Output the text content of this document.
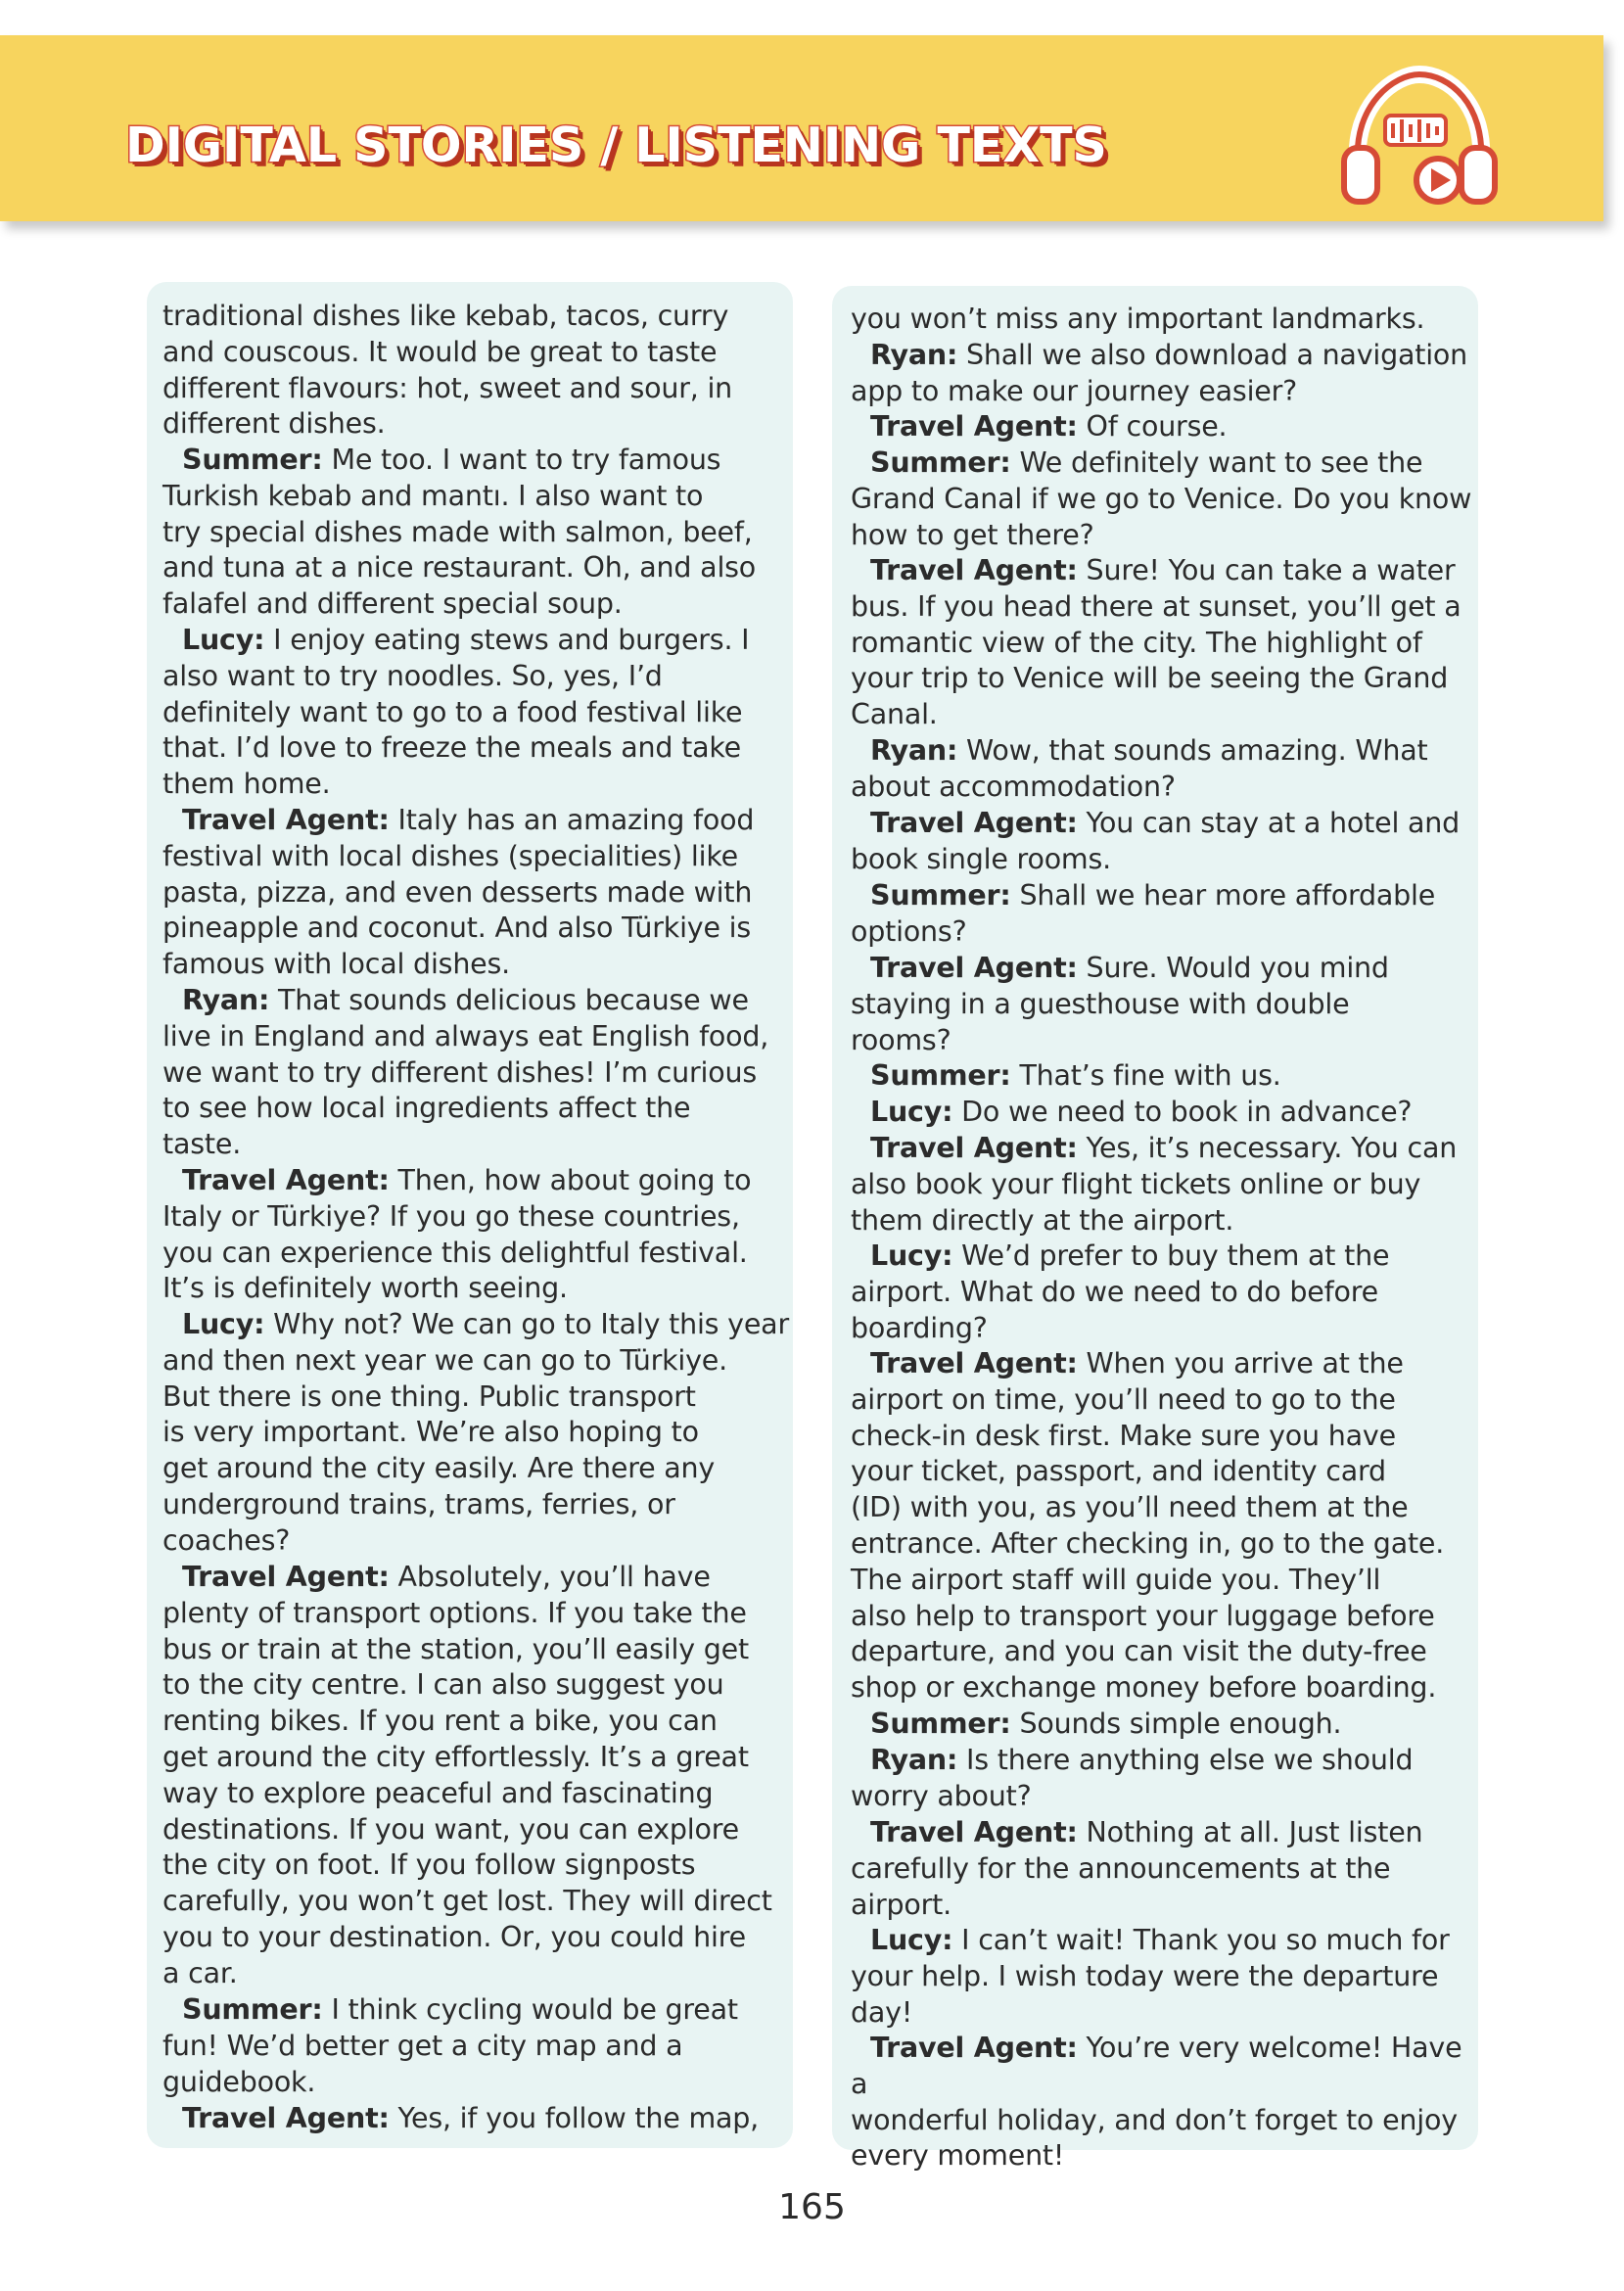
DIGITAL STORIES / LISTENING TEXTS

traditional dishes like kebab, tacos, curry
and couscous. It would be great to taste
different flavours: hot, sweet and sour, in
different dishes.

Summer: Me too. I want to try famous
Turkish kebab and mantı. I also want to
try special dishes made with salmon, beef,
and tuna at a nice restaurant. Oh, and also
falafel and different special soup.

Lucy: I enjoy eating stews and burgers. I
also want to try noodles. So, yes, I’d
definitely want to go to a food festival like
that. I’d love to freeze the meals and take
them home.

Travel Agent: Italy has an amazing food
festival with local dishes (specialities) like
pasta, pizza, and even desserts made with
pineapple and coconut. And also Türkiye is
famous with local dishes.

Ryan: That sounds delicious because we
live in England and always eat English food,
we want to try different dishes! I’m curious
to see how local ingredients affect the
taste.

Travel Agent: Then, how about going to
Italy or Türkiye? If you go these countries,
you can experience this delightful festival.
It’s is definitely worth seeing.

Lucy: Why not? We can go to Italy this year
and then next year we can go to Türkiye.
But there is one thing. Public transport
is very important. We’re also hoping to
get around the city easily. Are there any
underground trains, trams, ferries, or
coaches?

Travel Agent: Absolutely, you’ll have
plenty of transport options. If you take the
bus or train at the station, you’ll easily get
to the city centre. I can also suggest you
renting bikes. If you rent a bike, you can
get around the city effortlessly. It’s a great
way to explore peaceful and fascinating
destinations. If you want, you can explore
the city on foot. If you follow signposts
carefully, you won’t get lost. They will direct
you to your destination. Or, you could hire
a car.

Summer: I think cycling would be great
fun! We’d better get a city map and a
guidebook.

Travel Agent: Yes, if you follow the map,

you won’t miss any important landmarks.

Ryan: Shall we also download a navigation
app to make our journey easier?

Travel Agent: Of course.

Summer: We definitely want to see the
Grand Canal if we go to Venice. Do you know
how to get there?

Travel Agent: Sure! You can take a water
bus. If you head there at sunset, you’ll get a
romantic view of the city. The highlight of
your trip to Venice will be seeing the Grand
Canal.

Ryan: Wow, that sounds amazing. What
about accommodation?

Travel Agent: You can stay at a hotel and
book single rooms.

Summer: Shall we hear more affordable
options?

Travel Agent: Sure. Would you mind
staying in a guesthouse with double
rooms?

Summer: That’s fine with us.

Lucy: Do we need to book in advance?

Travel Agent: Yes, it’s necessary. You can
also book your flight tickets online or buy
them directly at the airport.

Lucy: We’d prefer to buy them at the
airport. What do we need to do before
boarding?

Travel Agent: When you arrive at the
airport on time, you’ll need to go to the
check-in desk first. Make sure you have
your ticket, passport, and identity card
(ID) with you, as you’ll need them at the
entrance. After checking in, go to the gate.
The airport staff will guide you. They’ll
also help to transport your luggage before
departure, and you can visit the duty-free
shop or exchange money before boarding.

Summer: Sounds simple enough.

Ryan: Is there anything else we should
worry about?

Travel Agent: Nothing at all. Just listen
carefully for the announcements at the
airport.

Lucy: I can’t wait! Thank you so much for
your help. I wish today were the departure
day!

Travel Agent: You’re very welcome! Have a
wonderful holiday, and don’t forget to enjoy
every moment!

165
